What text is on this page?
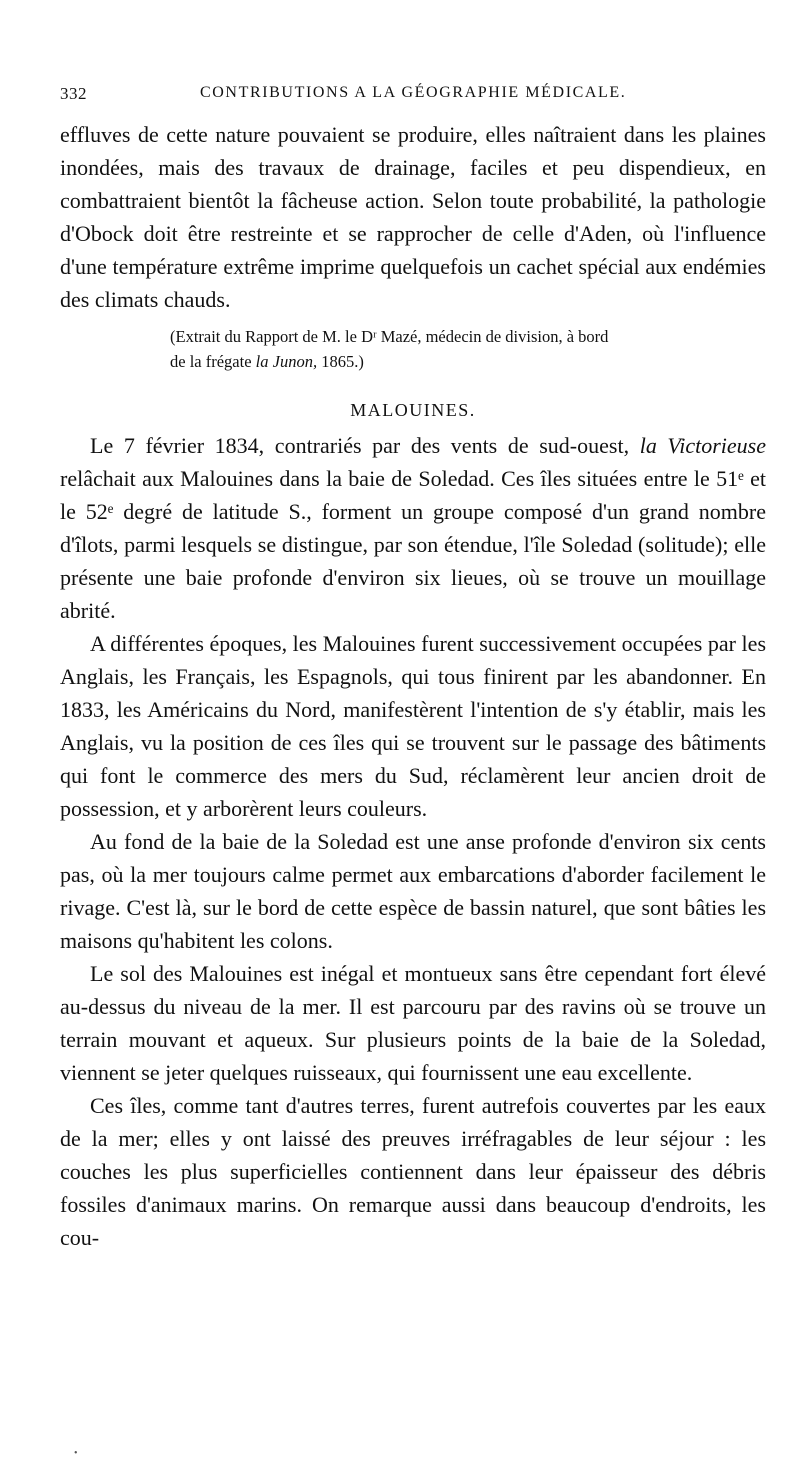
332	CONTRIBUTIONS A LA GÉOGRAPHIE MÉDICALE.

effluves de cette nature pouvaient se produire, elles naîtraient dans les plaines inondées, mais des travaux de drainage, faciles et peu dispendieux, en combattraient bientôt la fâcheuse action. Selon toute probabilité, la pathologie d'Obock doit être restreinte et se rapprocher de celle d'Aden, où l'influence d'une température extrême imprime quelquefois un cachet spécial aux endémies des climats chauds.

(Extrait du Rapport de M. le Dʳ Mazé, médecin de division, à bord
de la frégate la Junon, 1865.)
MALOUINES.

Le 7 février 1834, contrariés par des vents de sud-ouest, la Victorieuse relâchait aux Malouines dans la baie de Soledad. Ces îles situées entre le 51ᵉ et le 52ᵉ degré de latitude S., forment un groupe composé d'un grand nombre d'îlots, parmi lesquels se distingue, par son étendue, l'île Soledad (solitude); elle présente une baie profonde d'environ six lieues, où se trouve un mouillage abrité.

A différentes époques, les Malouines furent successivement occupées par les Anglais, les Français, les Espagnols, qui tous finirent par les abandonner. En 1833, les Américains du Nord, manifestèrent l'intention de s'y établir, mais les Anglais, vu la position de ces îles qui se trouvent sur le passage des bâtiments qui font le commerce des mers du Sud, réclamèrent leur ancien droit de possession, et y arborèrent leurs couleurs.

Au fond de la baie de la Soledad est une anse profonde d'environ six cents pas, où la mer toujours calme permet aux embarcations d'aborder facilement le rivage. C'est là, sur le bord de cette espèce de bassin naturel, que sont bâties les maisons qu'habitent les colons.

Le sol des Malouines est inégal et montueux sans être cependant fort élevé au-dessus du niveau de la mer. Il est parcouru par des ravins où se trouve un terrain mouvant et aqueux. Sur plusieurs points de la baie de la Soledad, viennent se jeter quelques ruisseaux, qui fournissent une eau excellente.

Ces îles, comme tant d'autres terres, furent autrefois couvertes par les eaux de la mer; elles y ont laissé des preuves irréfragables de leur séjour : les couches les plus superficielles contiennent dans leur épaisseur des débris fossiles d'animaux marins. On remarque aussi dans beaucoup d'endroits, les cou-

•
